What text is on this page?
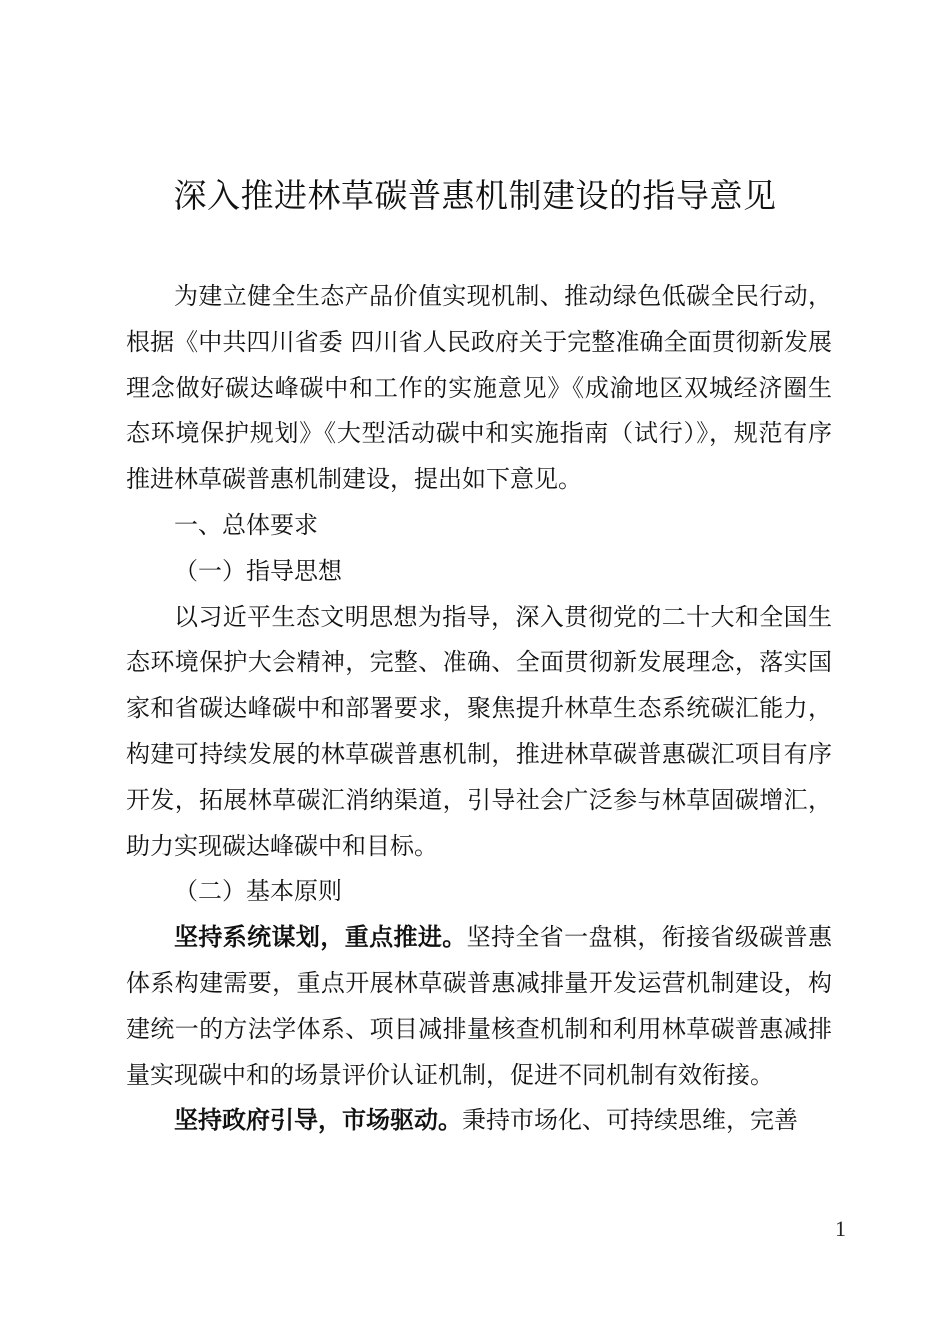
深入推进林草碳普惠机制建设的指导意见

为建立健全生态产品价值实现机制、推动绿色低碳全民行动，根据《中共四川省委 四川省人民政府关于完整准确全面贯彻新发展理念做好碳达峰碳中和工作的实施意见》《成渝地区双城经济圈生态环境保护规划》《大型活动碳中和实施指南（试行）》，规范有序推进林草碳普惠机制建设，提出如下意见。

一、总体要求

（一）指导思想

以习近平生态文明思想为指导，深入贯彻党的二十大和全国生态环境保护大会精神，完整、准确、全面贯彻新发展理念，落实国家和省碳达峰碳中和部署要求，聚焦提升林草生态系统碳汇能力，构建可持续发展的林草碳普惠机制，推进林草碳普惠碳汇项目有序开发，拓展林草碳汇消纳渠道，引导社会广泛参与林草固碳增汇，助力实现碳达峰碳中和目标。

（二）基本原则

坚持系统谋划，重点推进。坚持全省一盘棋，衔接省级碳普惠体系构建需要，重点开展林草碳普惠减排量开发运营机制建设，构建统一的方法学体系、项目减排量核查机制和利用林草碳普惠减排量实现碳中和的场景评价认证机制，促进不同机制有效衔接。

坚持政府引导，市场驱动。秉持市场化、可持续思维，完善

1
